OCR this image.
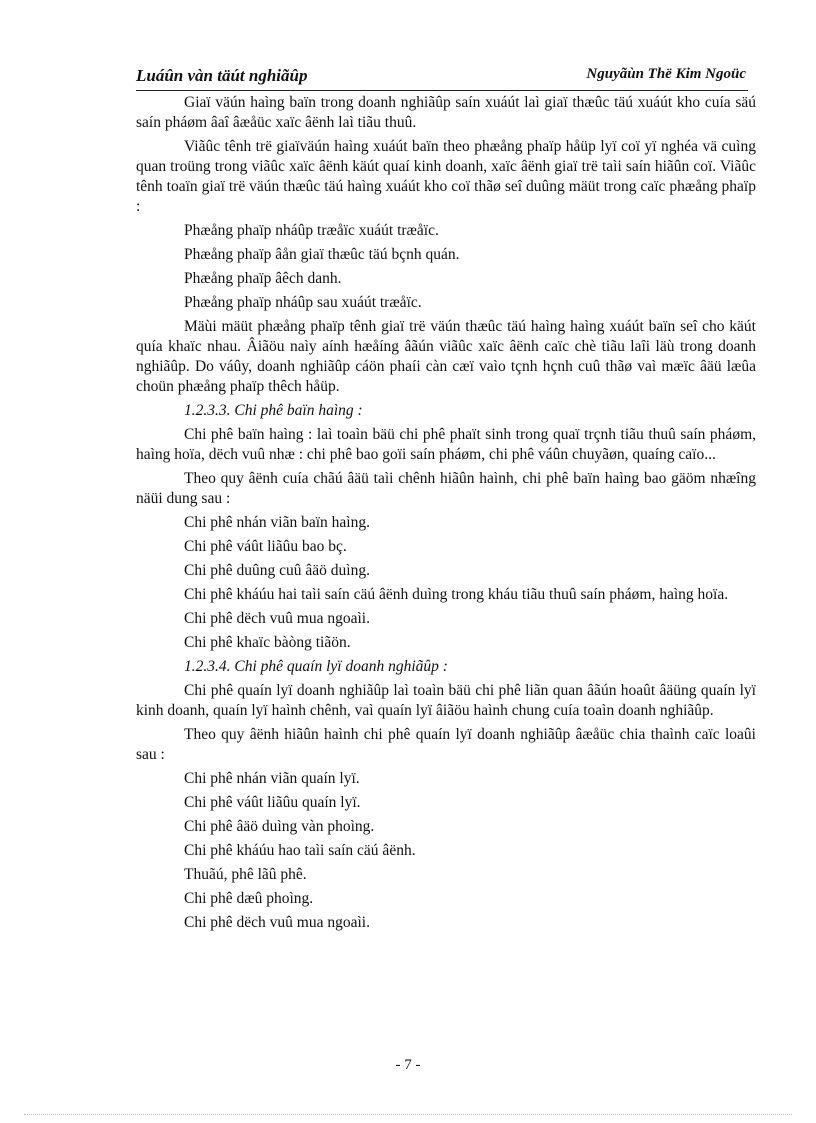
Luáûn vàn täút nghiãûp	Nguyãùn Thë Kim Ngoüc

Giaï väún haìng baïn trong doanh nghiãûp saín xuáút laì giaï thæûc täú xuáút kho cuía säú saín pháøm âaî âæåüc xaïc âënh laì tiãu thuû.

Viãûc tênh trë giaïväún haìng xuáút baïn theo phæång phaïp håüp lyï coï yï nghéa vä cuìng quan troüng trong viãûc xaïc âënh käút quaí kinh doanh, xaïc âënh giaï trë taìi saín hiãûn coï. Viãûc tênh toaïn giaï trë väún thæûc täú haìng xuáút kho coï thãø seî duûng mäüt trong caïc phæång phaïp :

Phæång phaïp nháûp træåïc xuáút træåïc.

Phæång phaïp âån giaï thæûc täú bçnh quán.

Phæång phaïp âêch danh.

Phæång phaïp nháûp sau xuáút træåïc.

Mäùi mäüt phæång phaïp tênh giaï trë väún thæûc täú haìng haìng xuáút baïn seî cho käút quía khaïc nhau. Âiãöu naìy aính hæåíng âãún viãûc xaïc âënh caïc chè tiãu laîi läù trong doanh nghiãûp. Do váûy, doanh nghiãûp cáön phaíi càn cæï vaìo tçnh hçnh cuû thãø vaì mæïc âäü læûa choün phæång phaïp thêch håüp.

1.2.3.3. Chi phê baïn haìng :

Chi phê baïn haìng : laì toaìn bäü chi phê phaït sinh trong quaï trçnh tiãu thuû saín pháøm, haìng hoïa, dëch vuû nhæ : chi phê bao goïi saín pháøm, chi phê váûn chuyãøn, quaíng caïo...

Theo quy âënh cuía chãú âäü taìi chênh hiãûn haình, chi phê baïn haìng bao gäöm nhæîng näüi dung sau :

Chi phê nhán viãn baïn haìng.

Chi phê váût liãûu bao bç.

Chi phê duûng cuû âäö duìng.

Chi phê kháúu hai taìi saín cäú âënh duìng trong kháu tiãu thuû saín pháøm, haìng hoïa.

Chi phê dëch vuû mua ngoaìi.

Chi phê khaïc bàòng tiãön.

1.2.3.4. Chi phê quaín lyï doanh nghiãûp :

Chi phê quaín lyï doanh nghiãûp laì toaìn bäü chi phê liãn quan âãún hoaût âäüng quaín lyï kinh doanh, quaín lyï haình chênh, vaì quaín lyï âiãöu haình chung cuía toaìn doanh nghiãûp.

Theo quy âënh hiãûn haình chi phê quaín lyï doanh nghiãûp âæåüc chia thaình caïc loaûi sau :

Chi phê nhán viãn quaín lyï.

Chi phê váût liãûu quaín lyï.

Chi phê âäö duìng vàn phoìng.

Chi phê kháúu hao taìi saín cäú âënh.

Thuãú, phê lãû phê.

Chi phê dæû phoìng.

Chi phê dëch vuû mua ngoaìi.

- 7 -
